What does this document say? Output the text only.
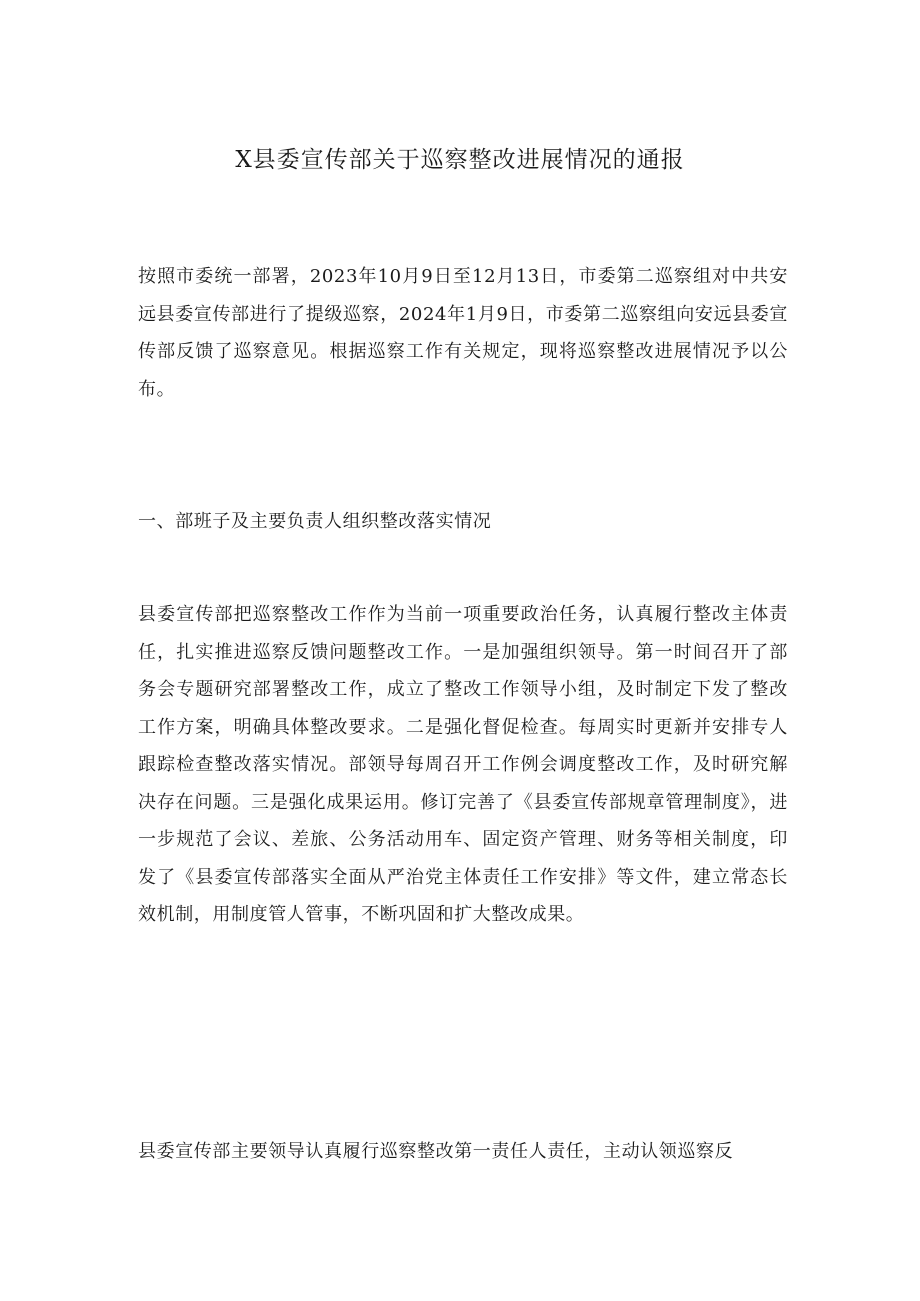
X县委宣传部关于巡察整改进展情况的通报

按照市委统一部署，2023年10月9日至12月13日，市委第二巡察组对中共安远县委宣传部进行了提级巡察，2024年1月9日，市委第二巡察组向安远县委宣传部反馈了巡察意见。根据巡察工作有关规定，现将巡察整改进展情况予以公布。

一、部班子及主要负责人组织整改落实情况

县委宣传部把巡察整改工作作为当前一项重要政治任务，认真履行整改主体责任，扎实推进巡察反馈问题整改工作。一是加强组织领导。第一时间召开了部务会专题研究部署整改工作，成立了整改工作领导小组，及时制定下发了整改工作方案，明确具体整改要求。二是强化督促检查。每周实时更新并安排专人跟踪检查整改落实情况。部领导每周召开工作例会调度整改工作，及时研究解决存在问题。三是强化成果运用。修订完善了《县委宣传部规章管理制度》，进一步规范了会议、差旅、公务活动用车、固定资产管理、财务等相关制度，印发了《县委宣传部落实全面从严治党主体责任工作安排》等文件，建立常态长效机制，用制度管人管事，不断巩固和扩大整改成果。

县委宣传部主要领导认真履行巡察整改第一责任人责任，主动认领巡察反
